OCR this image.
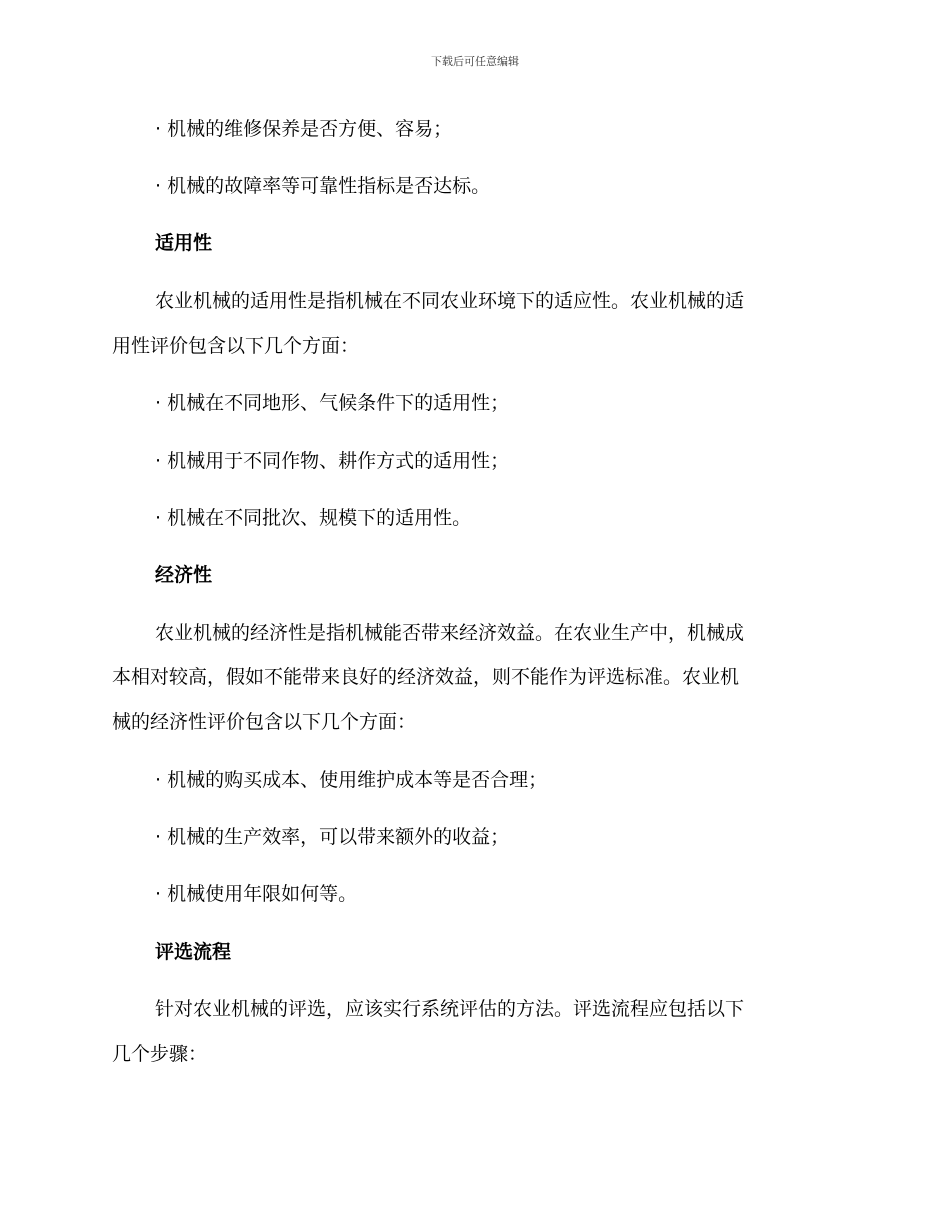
下载后可任意编辑
· 机械的维修保养是否方便、容易；
· 机械的故障率等可靠性指标是否达标。
适用性
农业机械的适用性是指机械在不同农业环境下的适应性。农业机械的适
用性评价包含以下几个方面：
· 机械在不同地形、气候条件下的适用性；
· 机械用于不同作物、耕作方式的适用性；
· 机械在不同批次、规模下的适用性。
经济性
农业机械的经济性是指机械能否带来经济效益。在农业生产中，机械成
本相对较高，假如不能带来良好的经济效益，则不能作为评选标准。农业机
械的经济性评价包含以下几个方面：
· 机械的购买成本、使用维护成本等是否合理；
· 机械的生产效率，可以带来额外的收益；
· 机械使用年限如何等。
评选流程
针对农业机械的评选，应该实行系统评估的方法。评选流程应包括以下
几个步骤：
